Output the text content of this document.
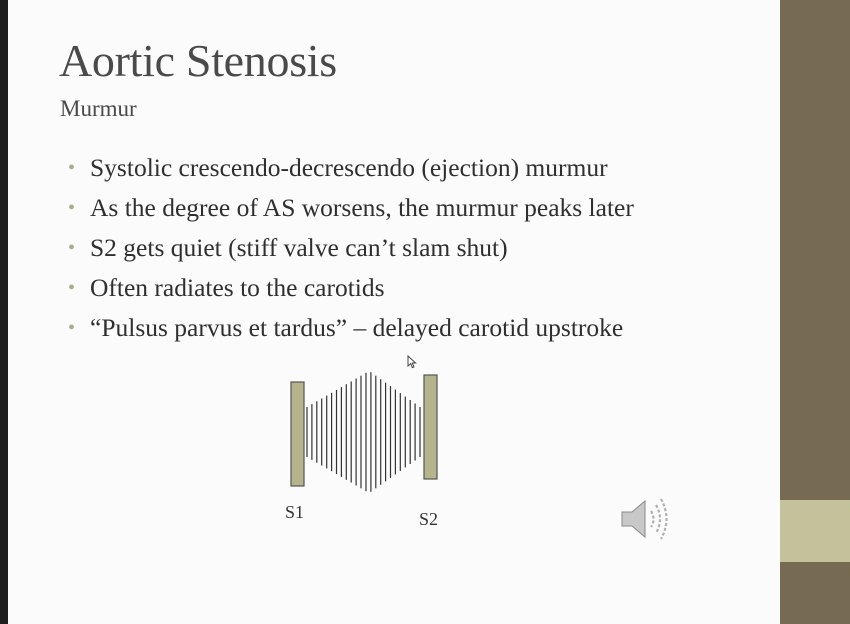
Aortic Stenosis
Murmur
• Systolic crescendo-decrescendo (ejection) murmur
• As the degree of AS worsens, the murmur peaks later
• S2 gets quiet (stiff valve can’t slam shut)
• Often radiates to the carotids
• “Pulsus parvus et tardus” – delayed carotid upstroke
S1	S2
